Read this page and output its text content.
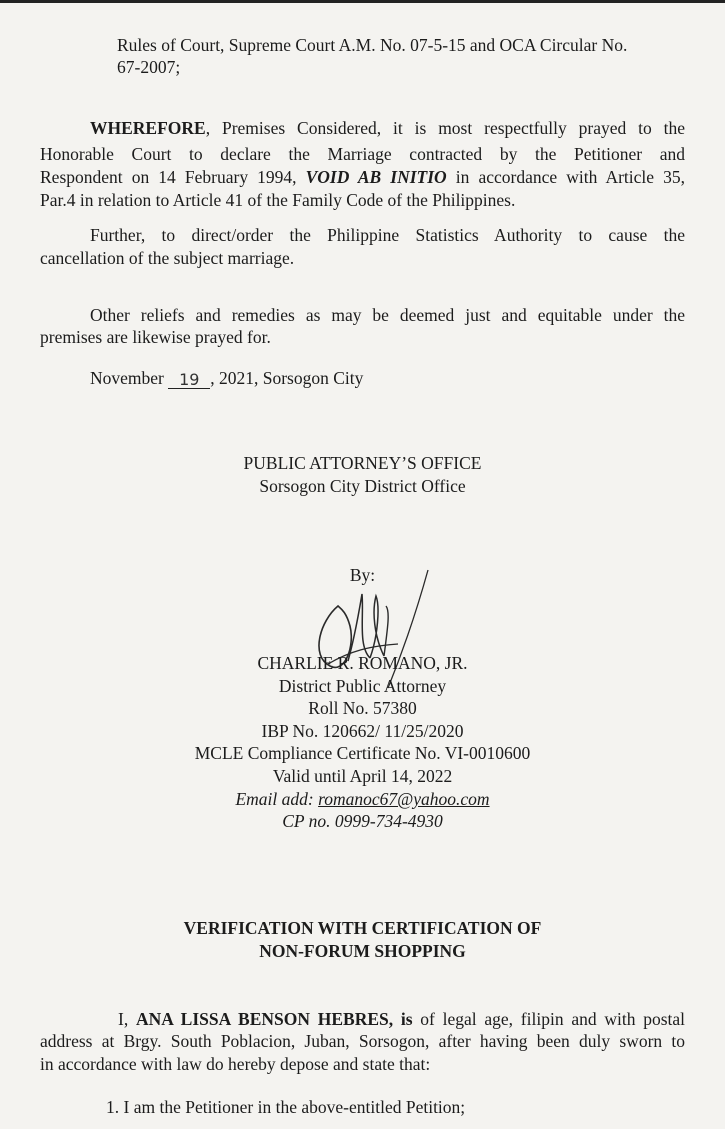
Rules of Court, Supreme Court A.M. No. 07-5-15 and OCA Circular No.
67-2007;
WHEREFORE, Premises Considered, it is most respectfully prayed to the
Honorable Court to declare the Marriage contracted by the Petitioner and
Respondent on 14 February 1994, VOID AB INITIO in accordance with Article 35,
Par.4 in relation to Article 41 of the Family Code of the Philippines.
Further, to direct/order the Philippine Statistics Authority to cause the
cancellation of the subject marriage.
Other reliefs and remedies as may be deemed just and equitable under the
premises are likewise prayed for.
November 19 , 2021, Sorsogon City
PUBLIC ATTORNEY’S OFFICE
Sorsogon City District Office
By:
CHARLIE R. ROMANO, JR.
District Public Attorney
Roll No. 57380
IBP No. 120662/ 11/25/2020
MCLE Compliance Certificate No. VI-0010600
Valid until April 14, 2022
Email add: romanoc67@yahoo.com
CP no. 0999-734-4930
VERIFICATION WITH CERTIFICATION OF
NON-FORUM SHOPPING
I, ANA LISSA BENSON HEBRES, is of legal age, filipin and with postal
address at Brgy. South Poblacion, Juban, Sorsogon, after having been duly sworn to
in accordance with law do hereby depose and state that:
1. I am the Petitioner in the above-entitled Petition;
